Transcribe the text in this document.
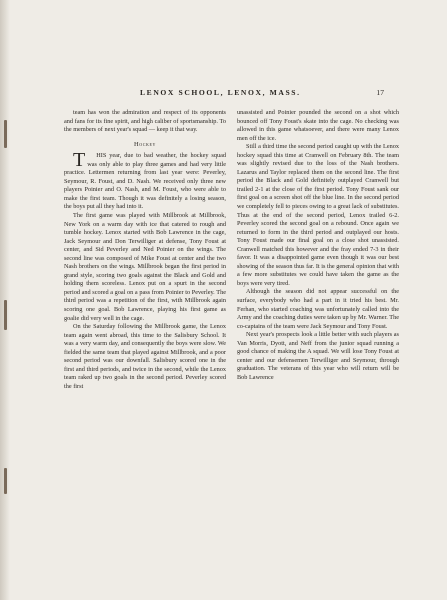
LENOX SCHOOL, LENOX, MASS.	17

team has won the admiration and respect of its opponents and fans for its fine spirit, and high caliber of sportsmanship. To the members of next year's squad — keep it that way.

Hockey

T HIS year, due to bad weather, the hockey squad was only able to play three games and had very little practice. Lettermen returning from last year were: Peverley, Seymour, R. Foust, and D. Nash. We received only three new players Poinier and O. Nash, and M. Foust, who were able to make the first team. Though it was definitely a losing season, the boys put all they had into it.

The first game was played with Millbrook at Millbrook, New York on a warm day with ice that catered to rough and tumble hockey. Lenox started with Bob Lawrence in the cage, Jack Seymour and Don Terwilliger at defense, Tony Foust at center, and Sid Peverley and Ned Poinier on the wings. The second line was composed of Mike Foust at center and the two Nash brothers on the wings. Millbrook began the first period in grand style, scoring two goals against the Black and Gold and holding them scoreless. Lenox put on a spurt in the second period and scored a goal on a pass from Poinier to Peverley. The third period was a repetition of the first, with Millbrook again scoring one goal. Bob Lawrence, playing his first game as goalie did very well in the cage.

On the Saturday following the Millbrook game, the Lenox team again went abroad, this time to the Salisbury School. It was a very warm day, and consequently the boys were slow. We fielded the same team that played against Millbrook, and a poor second period was our downfall. Salisbury scored one in the first and third periods, and twice in the second, while the Lenox team raked up two goals in the second period. Peverley scored the first

unassisted and Poinier pounded the second on a shot which bounced off Tony Foust's skate into the cage. No checking was allowed in this game whatsoever, and there were many Lenox men off the ice.

Still a third time the second period caught up with the Lenox hockey squad this time at Cranwell on February 8th. The team was slightly revised due to the loss of the Nash brothers. Lazarus and Taylor replaced them on the second line. The first period the Black and Gold definitely outplayed Cranwell but trailed 2-1 at the close of the first period. Tony Foust sank our first goal on a screen shot off the blue line. In the second period we completely fell to pieces owing to a great lack of substitutes. Thus at the end of the second period, Lenox trailed 6-2. Peverley scored the second goal on a rebound. Once again we returned to form in the third period and outplayed our hosts. Tony Foust made our final goal on a close shot unassisted. Cranwell matched this however and the fray ended 7-3 in their favor. It was a disappointed game even though it was our best showing of the season thus far. It is the general opinion that with a few more substitutes we could have taken the game as the boys were very tired.

Although the season did not appear successful on the surface, everybody who had a part in it tried his best. Mr. Ferhan, who started coaching was unfortunately called into the Army and the coaching duties were taken up by Mr. Warner. The co-captains of the team were Jack Seymour and Tony Foust.

Next year's prospects look a little better with such players as Van Morris, Dyott, and Neff from the junior squad running a good chance of making the A squad. We will lose Tony Foust at center and our defensemen Terwilliger and Seymour, through graduation. The veterans of this year who will return will be Bob Lawrence
